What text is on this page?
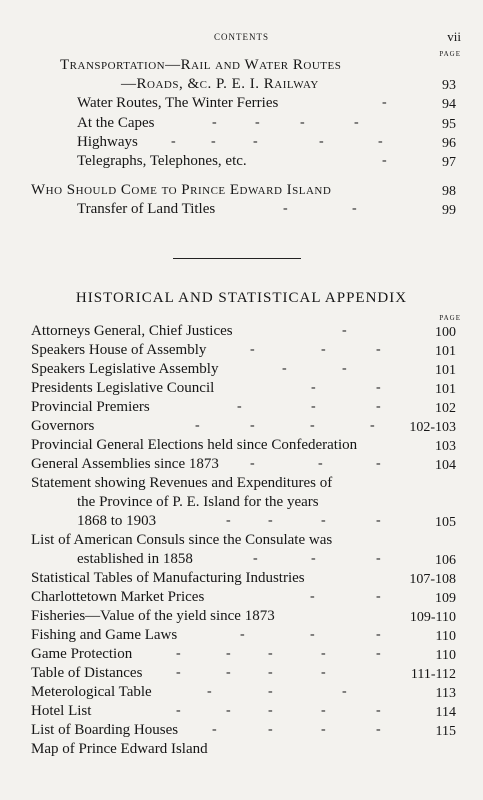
CONTENTS	vii
PAGE
Transportation—Rail and Water Routes
—Roads, &c. P. E. I. Railway	93
Water Routes, The Winter Ferries	-	94
At the Capes	-	-	-	-	95
Highways -	-	-	-	-	96
Telegraphs, Telephones, etc.	-	97
Who Should Come to Prince Edward Island	98
Transfer of Land Titles	-	-	99
HISTORICAL AND STATISTICAL APPENDIX
PAGE
Attorneys General, Chief Justices	-	100
Speakers House of Assembly	-	-	-	101
Speakers Legislative Assembly	-	-	101
Presidents Legislative Council	-	-	101
Provincial Premiers	-	-	-	102
Governors	-	-	-	- 102-103
Provincial General Elections held since Confederation	103
General Assemblies since 1873 -	-	-	104
Statement showing Revenues and Expenditures of
the Province of P. E. Island for the years
1868 to 1903	-	-	-	-	105
List of American Consuls since the Consulate was
established in 1858	-	-	-	106
Statistical Tables of Manufacturing Industries	107-108
Charlottetown Market Prices	-	-	109
Fisheries—Value of the yield since 1873	109-110
Fishing and Game Laws	-	-	-	110
Game Protection	-	-	-	-	-	110
Table of Distances -	-	-	-	111-112
Meterological Table	-	-	-	113
Hotel List	-	-	-	-	-	114
List of Boarding Houses -	-	-	-	115
Map of Prince Edward Island
